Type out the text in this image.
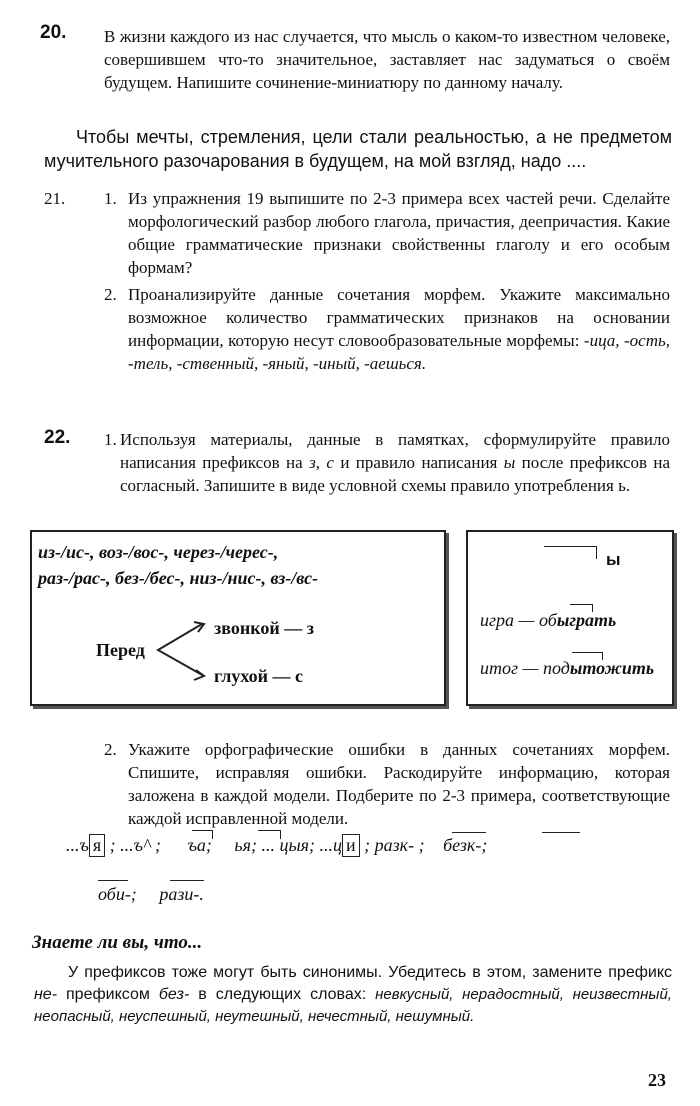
20. В жизни каждого из нас случается, что мысль о каком-то известном человеке, совершившем что-то значительное, заставляет нас задуматься о своём будущем. Напишите сочинение-миниатюру по данному началу.
Чтобы мечты, стремления, цели стали реальностью, а не предметом мучительного разочарования в будущем, на мой взгляд, надо ....
21. 1. Из упражнения 19 выпишите по 2-3 примера всех частей речи. Сделайте морфологический разбор любого глагола, причастия, деепричастия. Какие общие грамматические признаки свойственны глаголу и его особым формам?
2. Проанализируйте данные сочетания морфем. Укажите максимально возможное количество грамматических признаков на основании информации, которую несут словообразовательные морфемы: -ица, -ость, -тель, -ственный, -яный, -иный, -аешься.
22. 1. Используя материалы, данные в памятках, сформулируйте правило написания префиксов на з, с и правило написания ы после префиксов на согласный. Запишите в виде условной схемы правило употребления ь.
из-/ис-, воз-/вос-, через-/черес-,
раз-/рас-, без-/бес-, низ-/нис-, вз-/вс-
Перед
звонкой — з
глухой — с
ы
игра — обыграть
итог — подытожить
2. Укажите орфографические ошибки в данных сочетаниях морфем. Спишите, исправляя ошибки. Раскодируйте информацию, которая заложена в каждой модели. Подберите по 2-3 примера, соответствующие каждой исправленной модели.
...ъ я ; ...ъ^ ; ъа; ья; ... цыя; ...ц и ; разк- ; безк-;
оби-; рази-.
Знаете ли вы, что...
У префиксов тоже могут быть синонимы. Убедитесь в этом, замените префикс не- префиксом без- в следующих словах: невкусный, нерадостный, неизвестный, неопасный, неуспешный, неутешный, нечестный, нешумный.
23
